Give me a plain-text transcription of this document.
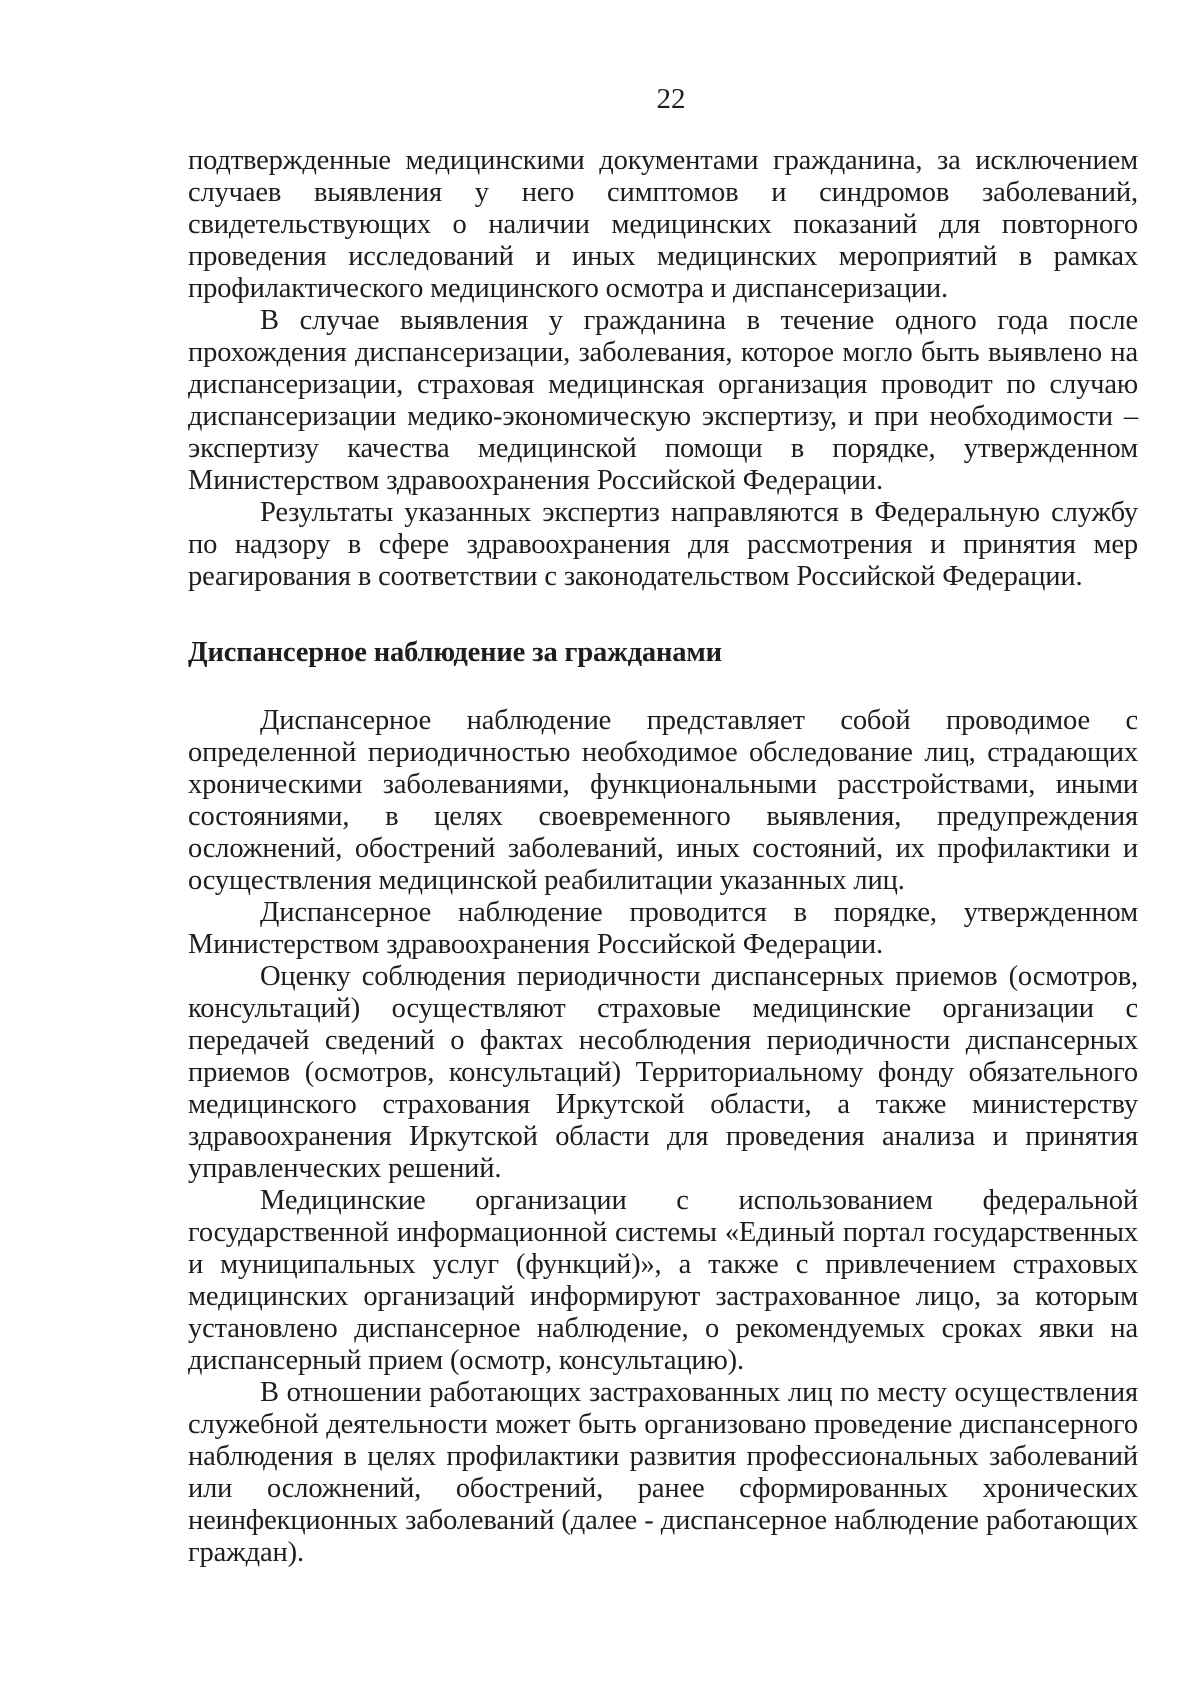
22

подтвержденные медицинскими документами гражданина, за исключением случаев выявления у него симптомов и синдромов заболеваний, свидетельствующих о наличии медицинских показаний для повторного проведения исследований и иных медицинских мероприятий в рамках профилактического медицинского осмотра и диспансеризации.

В случае выявления у гражданина в течение одного года после прохождения диспансеризации, заболевания, которое могло быть выявлено на диспансеризации, страховая медицинская организация проводит по случаю диспансеризации медико-экономическую экспертизу, и при необходимости – экспертизу качества медицинской помощи в порядке, утвержденном Министерством здравоохранения Российской Федерации.

Результаты указанных экспертиз направляются в Федеральную службу по надзору в сфере здравоохранения для рассмотрения и принятия мер реагирования в соответствии с законодательством Российской Федерации.

Диспансерное наблюдение за гражданами

Диспансерное наблюдение представляет собой проводимое с определенной периодичностью необходимое обследование лиц, страдающих хроническими заболеваниями, функциональными расстройствами, иными состояниями, в целях своевременного выявления, предупреждения осложнений, обострений заболеваний, иных состояний, их профилактики и осуществления медицинской реабилитации указанных лиц.

Диспансерное наблюдение проводится в порядке, утвержденном Министерством здравоохранения Российской Федерации.

Оценку соблюдения периодичности диспансерных приемов (осмотров, консультаций) осуществляют страховые медицинские организации с передачей сведений о фактах несоблюдения периодичности диспансерных приемов (осмотров, консультаций) Территориальному фонду обязательного медицинского страхования Иркутской области, а также министерству здравоохранения Иркутской области для проведения анализа и принятия управленческих решений.

Медицинские организации с использованием федеральной государственной информационной системы «Единый портал государственных и муниципальных услуг (функций)», а также с привлечением страховых медицинских организаций информируют застрахованное лицо, за которым установлено диспансерное наблюдение, о рекомендуемых сроках явки на диспансерный прием (осмотр, консультацию).

В отношении работающих застрахованных лиц по месту осуществления служебной деятельности может быть организовано проведение диспансерного наблюдения в целях профилактики развития профессиональных заболеваний или осложнений, обострений, ранее сформированных хронических неинфекционных заболеваний (далее - диспансерное наблюдение работающих граждан).
